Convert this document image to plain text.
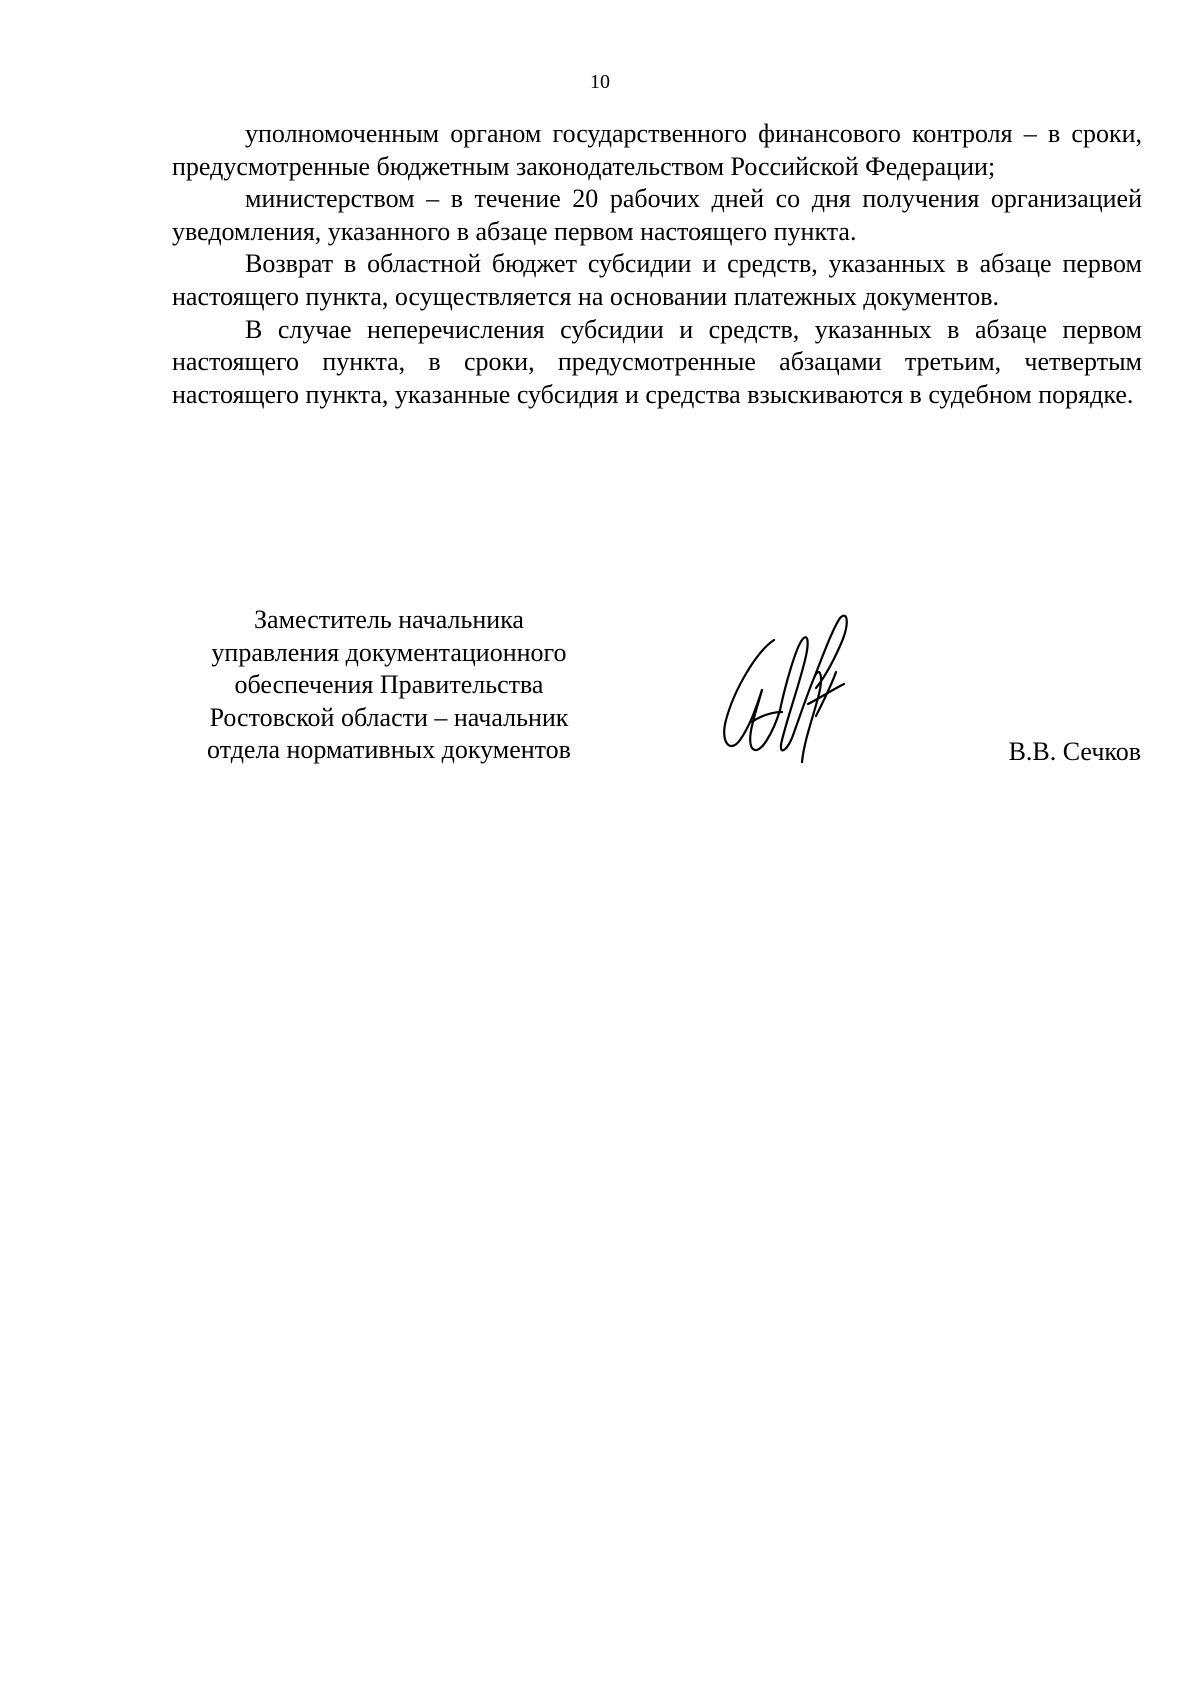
10

уполномоченным органом государственного финансового контроля – в сроки, предусмотренные бюджетным законодательством Российской Федерации;

министерством – в течение 20 рабочих дней со дня получения организацией уведомления, указанного в абзаце первом настоящего пункта.

Возврат в областной бюджет субсидии и средств, указанных в абзаце первом настоящего пункта, осуществляется на основании платежных документов.

В случае неперечисления субсидии и средств, указанных в абзаце первом настоящего пункта, в сроки, предусмотренные абзацами третьим, четвертым настоящего пункта, указанные субсидия и средства взыскиваются в судебном порядке.

Заместитель начальника
управления документационного
обеспечения Правительства
Ростовской области – начальник
отдела нормативных документов	В.В. Сечков
